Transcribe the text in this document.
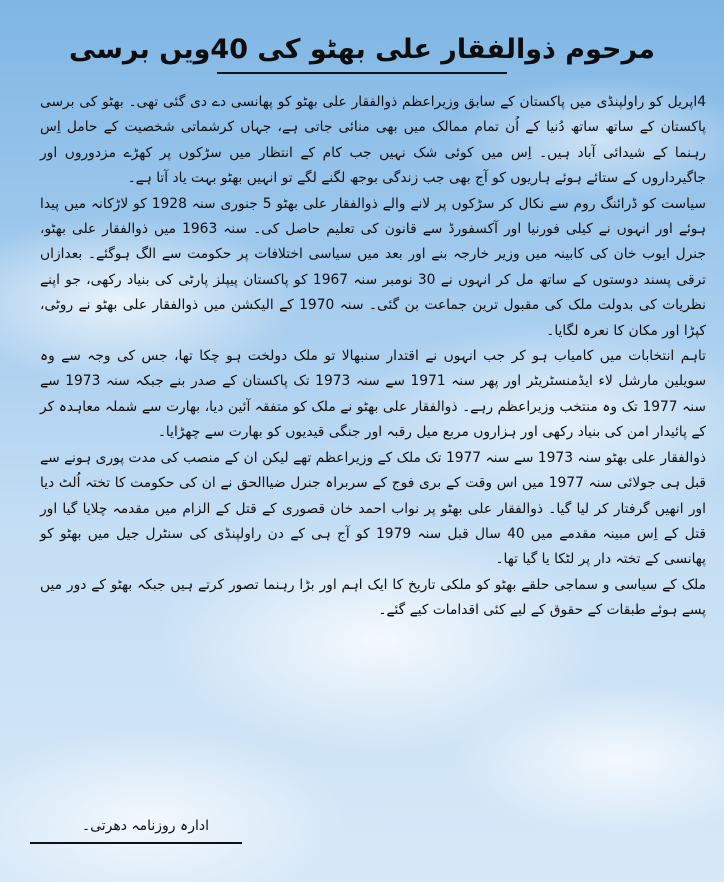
مرحوم ذوالفقار علی بھٹو کی 40ویں برسی

4اپریل کو راولپنڈی میں پاکستان کے سابق وزیراعظم ذوالفقار علی بھٹو کو پھانسی دے دی گئی تھی۔ بھٹو کی برسی پاکستان کے ساتھ ساتھ دُنیا کے اُن تمام ممالک میں بھی منائی جاتی ہے، جہاں کرشماتی شخصیت کے حامل اِس رہنما کے شیدائی آباد ہیں۔ اِس میں کوئی شک نہیں جب کام کے انتظار میں سڑکوں پر کھڑے مزدوروں اور جاگیرداروں کے ستائے ہوئے ہاریوں کو آج بھی جب زندگی بوجھ لگنے لگے تو انہیں بھٹو بہت یاد آتا ہے۔

سیاست کو ڈرائنگ روم سے نکال کر سڑکوں پر لانے والے ذوالفقار علی بھٹو 5 جنوری سنہ 1928 کو لاڑکانہ میں پیدا ہوئے اور انہوں نے کیلی فورنیا اور آکسفورڈ سے قانون کی تعلیم حاصل کی۔ سنہ 1963 میں ذوالفقار علی بھٹو، جنرل ایوب خان کی کابینہ میں وزیر خارجہ بنے اور بعد میں سیاسی اختلافات پر حکومت سے الگ ہوگئے۔ بعدازاں ترقی پسند دوستوں کے ساتھ مل کر انہوں نے 30 نومبر سنہ 1967 کو پاکستان پیپلز پارٹی کی بنیاد رکھی، جو اپنے نظریات کی بدولت ملک کی مقبول ترین جماعت بن گئی۔ سنہ 1970 کے الیکشن میں ذوالفقار علی بھٹو نے روٹی، کپڑا اور مکان کا نعرہ لگایا۔

تاہم انتخابات میں کامیاب ہو کر جب انہوں نے اقتدار سنبھالا تو ملک دولخت ہو چکا تھا، جس کی وجہ سے وہ سویلین مارشل لاء ایڈمنسٹریٹر اور پھر سنہ 1971 سے سنہ 1973 تک پاکستان کے صدر بنے جبکہ سنہ 1973 سے سنہ 1977 تک وہ منتخب وزیراعظم رہے۔ ذوالفقار علی بھٹو نے ملک کو متفقہ آئین دیا، بھارت سے شملہ معاہدہ کر کے پائیدار امن کی بنیاد رکھی اور ہزاروں مربع میل رقبہ اور جنگی قیدیوں کو بھارت سے چھڑایا۔

ذوالفقار علی بھٹو سنہ 1973 سے سنہ 1977 تک ملک کے وزیراعظم تھے لیکن ان کے منصب کی مدت پوری ہونے سے قبل ہی جولائی سنہ 1977 میں اس وقت کے بری فوج کے سربراہ جنرل ضیاالحق نے ان کی حکومت کا تختہ اُلٹ دیا اور انھیں گرفتار کر لیا گیا۔ ذوالفقار علی بھٹو پر نواب احمد خان قصوری کے قتل کے الزام میں مقدمہ چلایا گیا اور قتل کے اِس مبینہ مقدمے میں 40 سال قبل سنہ 1979 کو آج ہی کے دن راولپنڈی کی سنٹرل جیل میں بھٹو کو پھانسی کے تختہ دار پر لٹکا یا گیا تھا۔

ملک کے سیاسی و سماجی حلقے بھٹو کو ملکی تاریخ کا ایک اہم اور بڑا رہنما تصور کرتے ہیں جبکہ بھٹو کے دور میں پسے ہوئے طبقات کے حقوق کے لیے کئی اقدامات کیے گئے۔

ادارہ روزنامہ دھرتی۔
